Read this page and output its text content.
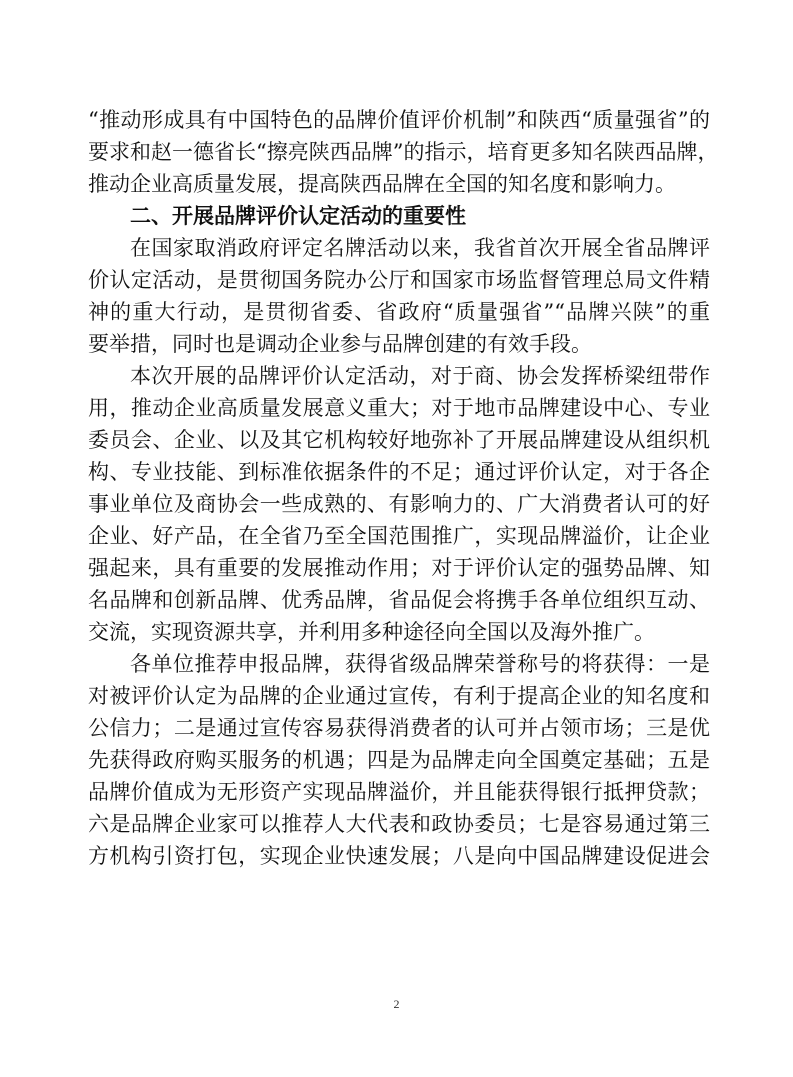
“推动形成具有中国特色的品牌价值评价机制”和陕西“质量强省”的
要求和赵一德省长“擦亮陕西品牌”的指示，培育更多知名陕西品牌，
推动企业高质量发展，提高陕西品牌在全国的知名度和影响力。
二、开展品牌评价认定活动的重要性
在国家取消政府评定名牌活动以来，我省首次开展全省品牌评
价认定活动，是贯彻国务院办公厅和国家市场监督管理总局文件精
神的重大行动，是贯彻省委、省政府“质量强省”“品牌兴陕”的重
要举措，同时也是调动企业参与品牌创建的有效手段。
本次开展的品牌评价认定活动，对于商、协会发挥桥梁纽带作
用，推动企业高质量发展意义重大；对于地市品牌建设中心、专业
委员会、企业、以及其它机构较好地弥补了开展品牌建设从组织机
构、专业技能、到标准依据条件的不足；通过评价认定，对于各企
事业单位及商协会一些成熟的、有影响力的、广大消费者认可的好
企业、好产品，在全省乃至全国范围推广，实现品牌溢价，让企业
强起来，具有重要的发展推动作用；对于评价认定的强势品牌、知
名品牌和创新品牌、优秀品牌，省品促会将携手各单位组织互动、
交流，实现资源共享，并利用多种途径向全国以及海外推广。
各单位推荐申报品牌，获得省级品牌荣誉称号的将获得：一是
对被评价认定为品牌的企业通过宣传，有利于提高企业的知名度和
公信力；二是通过宣传容易获得消费者的认可并占领市场；三是优
先获得政府购买服务的机遇；四是为品牌走向全国奠定基础；五是
品牌价值成为无形资产实现品牌溢价，并且能获得银行抵押贷款；
六是品牌企业家可以推荐人大代表和政协委员；七是容易通过第三
方机构引资打包，实现企业快速发展；八是向中国品牌建设促进会
2
